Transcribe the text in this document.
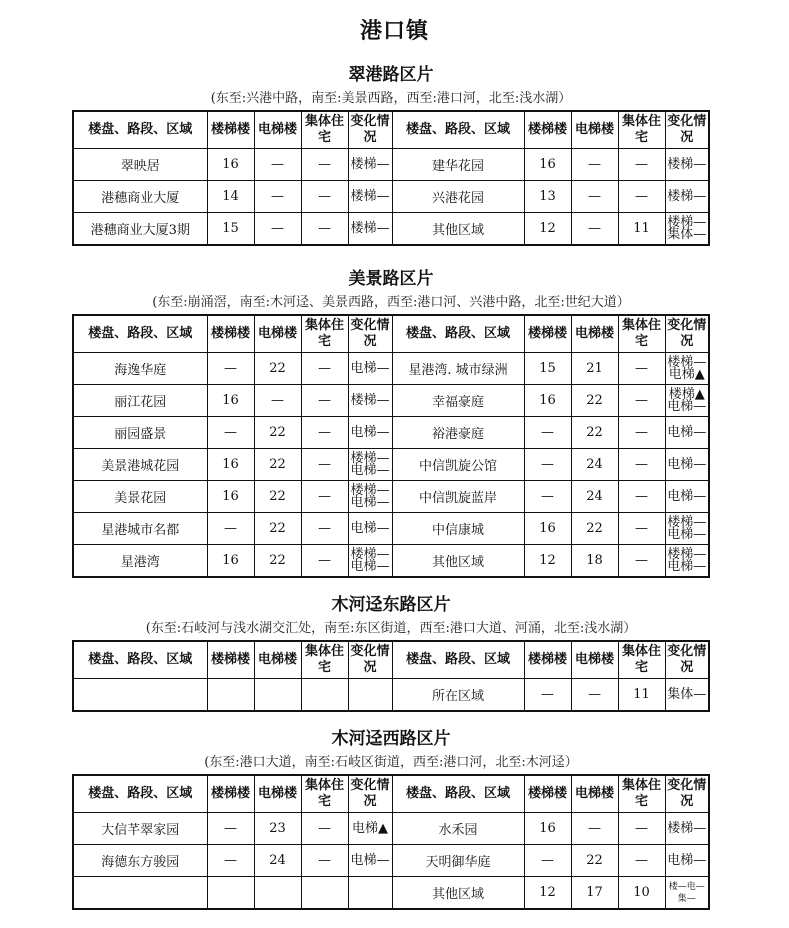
港口镇
翠港路区片
(东至:兴港中路，南至:美景西路，西至:港口河，北至:浅水湖）
楼盘、路段、区域	楼梯楼	电梯楼	集体住宅	变化情况	楼盘、路段、区域	楼梯楼	电梯楼	集体住宅	变化情况
翠映居	16	—	—	楼梯—	建华花园	16	—	—	楼梯—
港穗商业大厦	14	—	—	楼梯—	兴港花园	13	—	—	楼梯—
港穗商业大厦3期	15	—	—	楼梯—	其他区域	12	—	11	楼梯— 集体—
美景路区片
(东至:崩涌滘，南至:木河迳、美景西路，西至:港口河、兴港中路，北至:世纪大道）
楼盘、路段、区域	楼梯楼	电梯楼	集体住宅	变化情况	楼盘、路段、区域	楼梯楼	电梯楼	集体住宅	变化情况
海逸华庭	—	22	—	电梯—	星港湾. 城市绿洲	15	21	—	楼梯— 电梯▲
丽江花园	16	—	—	楼梯—	幸福豪庭	16	22	—	楼梯▲ 电梯—
丽园盛景	—	22	—	电梯—	裕港豪庭	—	22	—	电梯—
美景港城花园	16	22	—	楼梯— 电梯—	中信凯旋公馆	—	24	—	电梯—
美景花园	16	22	—	楼梯— 电梯—	中信凯旋蓝岸	—	24	—	电梯—
星港城市名都	—	22	—	电梯—	中信康城	16	22	—	楼梯— 电梯—
星港湾	16	22	—	楼梯— 电梯—	其他区域	12	18	—	楼梯— 电梯—
木河迳东路区片
(东至:石岐河与浅水湖交汇处，南至:东区街道，西至:港口大道、河涌，北至:浅水湖）
楼盘、路段、区域	楼梯楼	电梯楼	集体住宅	变化情况	楼盘、路段、区域	楼梯楼	电梯楼	集体住宅	变化情况
					所在区域	—	—	11	集体—
木河迳西路区片
(东至:港口大道，南至:石岐区街道，西至:港口河，北至:木河迳）
楼盘、路段、区域	楼梯楼	电梯楼	集体住宅	变化情况	楼盘、路段、区域	楼梯楼	电梯楼	集体住宅	变化情况
大信芊翠家园	—	23	—	电梯▲	水禾园	16	—	—	楼梯—
海德东方骏园	—	24	—	电梯—	天明御华庭	—	22	—	电梯—
					其他区域	12	17	10	楼—电— 集—
